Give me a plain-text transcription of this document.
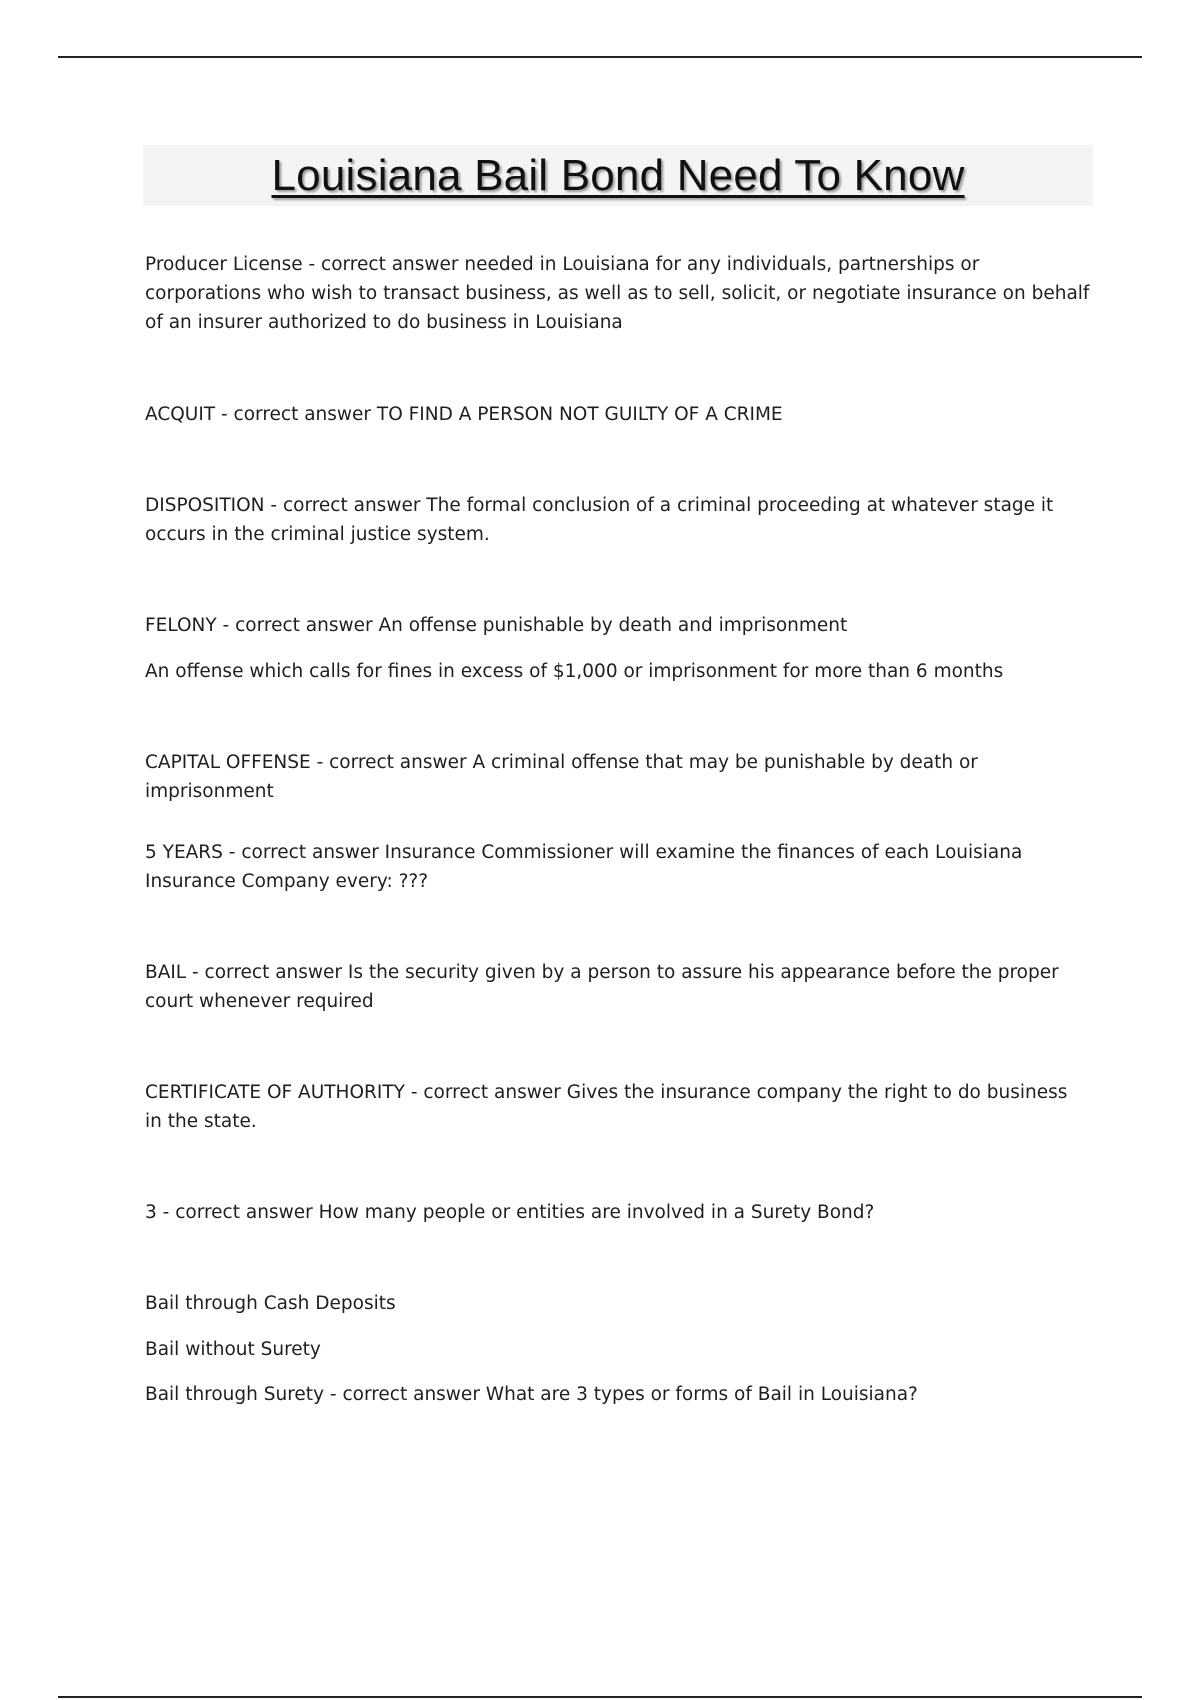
Louisiana Bail Bond Need To Know

Producer License - correct answer needed in Louisiana for any individuals, partnerships or corporations who wish to transact business, as well as to sell, solicit, or negotiate insurance on behalf of an insurer authorized to do business in Louisiana

ACQUIT - correct answer TO FIND A PERSON NOT GUILTY OF A CRIME

DISPOSITION - correct answer The formal conclusion of a criminal proceeding at whatever stage it occurs in the criminal justice system.

FELONY - correct answer An offense punishable by death and imprisonment

An offense which calls for fines in excess of $1,000 or imprisonment for more than 6 months

CAPITAL OFFENSE - correct answer A criminal offense that may be punishable by death or imprisonment

5 YEARS - correct answer Insurance Commissioner will examine the finances of each Louisiana Insurance Company every: ???

BAIL - correct answer Is the security given by a person to assure his appearance before the proper court whenever required

CERTIFICATE OF AUTHORITY - correct answer Gives the insurance company the right to do business in the state.

3 - correct answer How many people or entities are involved in a Surety Bond?

Bail through Cash Deposits

Bail without Surety

Bail through Surety - correct answer What are 3 types or forms of Bail in Louisiana?
